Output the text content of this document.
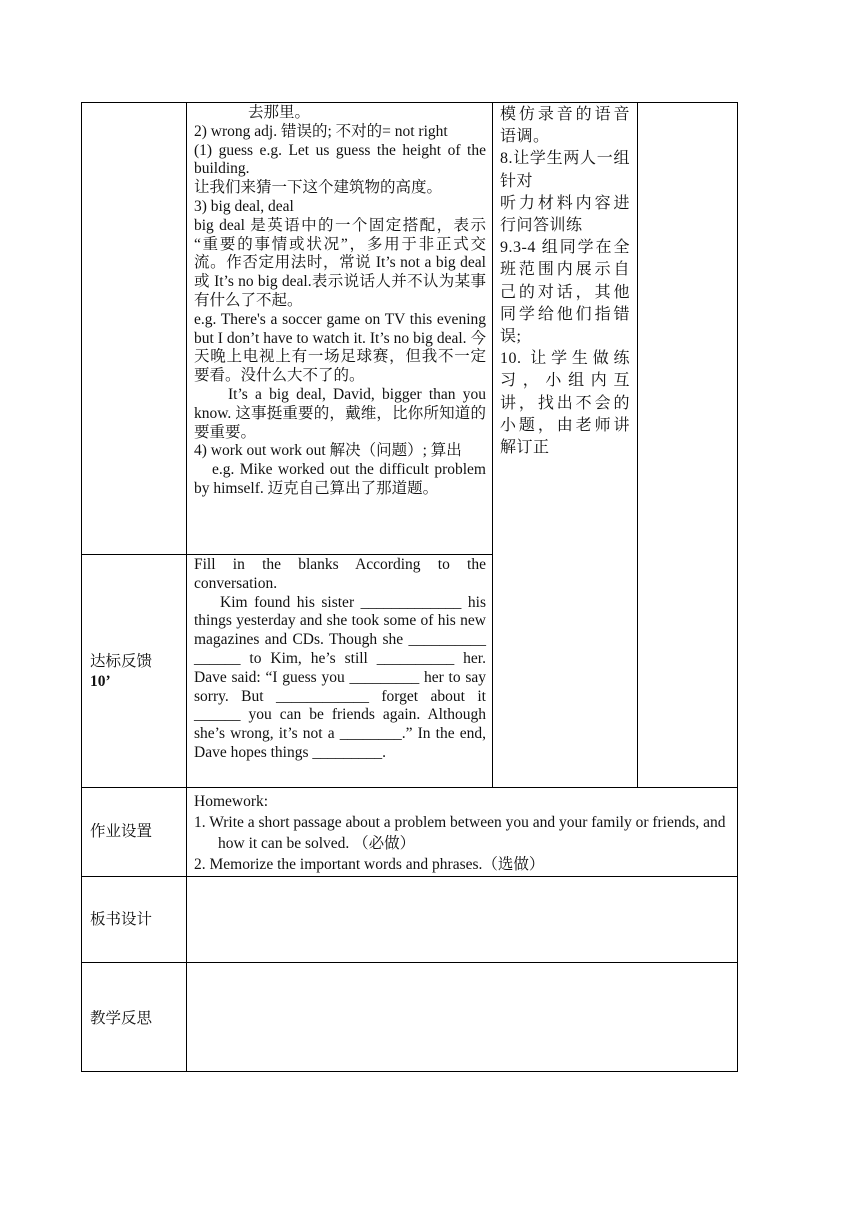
去那里。

2) wrong adj. 错误的; 不对的= not right

(1) guess e.g. Let us guess the height of the building.

让我们来猜一下这个建筑物的高度。

3) big deal, deal

big deal 是英语中的一个固定搭配，表示 “重要的事情或状况”，多用于非正式交流。作否定用法时，常说 It’s not a big deal 或 It’s no big deal.表示说话人并不认为某事有什么了不起。

e.g. There's a soccer game on TV this evening but I don’t have to watch it. It’s no big deal. 今天晚上电视上有一场足球赛，但我不一定要看。没什么大不了的。

It’s a big deal, David, bigger than you know. 这事挺重要的，戴维，比你所知道的要重要。

4) work out work out 解决（问题）; 算出

e.g. Mike worked out the difficult problem by himself. 迈克自己算出了那道题。

模仿录音的语音语调。
8.让学生两人一组针对
听力材料内容进行问答训练
9.3-4 组同学在全班范围内展示自己的对话，其他同学给他们指错误;
10. 让学生做练习，小组内互讲，找出不会的小题，由老师讲解订正
达标反馈
10’

Fill in the blanks According to the conversation.

Kim found his sister _____________ his things yesterday and she took some of his new magazines and CDs. Though she __________ ______ to Kim, he’s still __________ her. Dave said: “I guess you _________ her to say sorry. But ____________ forget about it ______ you can be friends again. Although she’s wrong, it’s not a ________.” In the end, Dave hopes things _________.

作业设置

Homework:

1. Write a short passage about a problem between you and your family or friends, and how it can be solved. （必做）

2. Memorize the important words and phrases.（选做）

板书设计
教学反思
